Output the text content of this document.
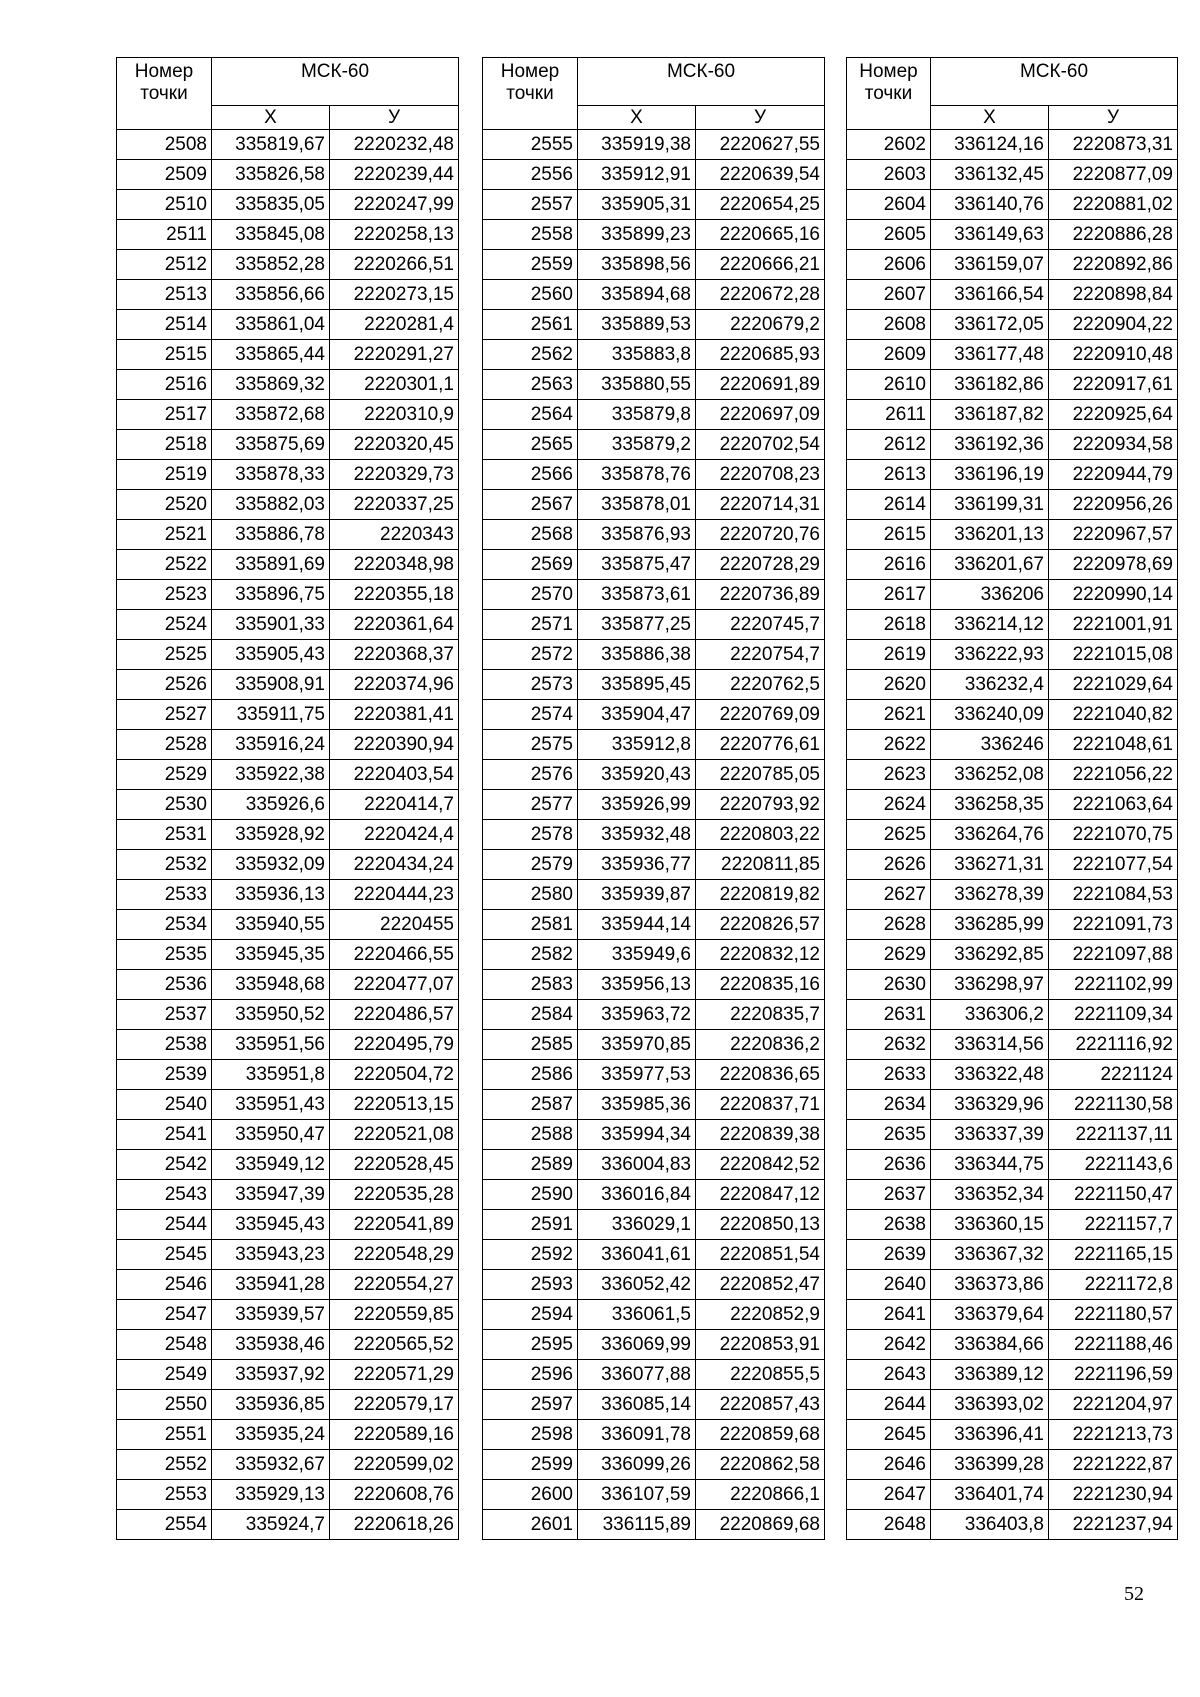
Номер точки	МСК-60	
	Х	У
2508	335819,67	2220232,48
2509	335826,58	2220239,44
2510	335835,05	2220247,99
2511	335845,08	2220258,13
2512	335852,28	2220266,51
2513	335856,66	2220273,15
2514	335861,04	2220281,4
2515	335865,44	2220291,27
2516	335869,32	2220301,1
2517	335872,68	2220310,9
2518	335875,69	2220320,45
2519	335878,33	2220329,73
2520	335882,03	2220337,25
2521	335886,78	2220343
2522	335891,69	2220348,98
2523	335896,75	2220355,18
2524	335901,33	2220361,64
2525	335905,43	2220368,37
2526	335908,91	2220374,96
2527	335911,75	2220381,41
2528	335916,24	2220390,94
2529	335922,38	2220403,54
2530	335926,6	2220414,7
2531	335928,92	2220424,4
2532	335932,09	2220434,24
2533	335936,13	2220444,23
2534	335940,55	2220455
2535	335945,35	2220466,55
2536	335948,68	2220477,07
2537	335950,52	2220486,57
2538	335951,56	2220495,79
2539	335951,8	2220504,72
2540	335951,43	2220513,15
2541	335950,47	2220521,08
2542	335949,12	2220528,45
2543	335947,39	2220535,28
2544	335945,43	2220541,89
2545	335943,23	2220548,29
2546	335941,28	2220554,27
2547	335939,57	2220559,85
2548	335938,46	2220565,52
2549	335937,92	2220571,29
2550	335936,85	2220579,17
2551	335935,24	2220589,16
2552	335932,67	2220599,02
2553	335929,13	2220608,76
2554	335924,7	2220618,26
Номер точки	МСК-60	
	Х	У
2555	335919,38	2220627,55
2556	335912,91	2220639,54
2557	335905,31	2220654,25
2558	335899,23	2220665,16
2559	335898,56	2220666,21
2560	335894,68	2220672,28
2561	335889,53	2220679,2
2562	335883,8	2220685,93
2563	335880,55	2220691,89
2564	335879,8	2220697,09
2565	335879,2	2220702,54
2566	335878,76	2220708,23
2567	335878,01	2220714,31
2568	335876,93	2220720,76
2569	335875,47	2220728,29
2570	335873,61	2220736,89
2571	335877,25	2220745,7
2572	335886,38	2220754,7
2573	335895,45	2220762,5
2574	335904,47	2220769,09
2575	335912,8	2220776,61
2576	335920,43	2220785,05
2577	335926,99	2220793,92
2578	335932,48	2220803,22
2579	335936,77	2220811,85
2580	335939,87	2220819,82
2581	335944,14	2220826,57
2582	335949,6	2220832,12
2583	335956,13	2220835,16
2584	335963,72	2220835,7
2585	335970,85	2220836,2
2586	335977,53	2220836,65
2587	335985,36	2220837,71
2588	335994,34	2220839,38
2589	336004,83	2220842,52
2590	336016,84	2220847,12
2591	336029,1	2220850,13
2592	336041,61	2220851,54
2593	336052,42	2220852,47
2594	336061,5	2220852,9
2595	336069,99	2220853,91
2596	336077,88	2220855,5
2597	336085,14	2220857,43
2598	336091,78	2220859,68
2599	336099,26	2220862,58
2600	336107,59	2220866,1
2601	336115,89	2220869,68
Номер точки	МСК-60	
	Х	У
2602	336124,16	2220873,31
2603	336132,45	2220877,09
2604	336140,76	2220881,02
2605	336149,63	2220886,28
2606	336159,07	2220892,86
2607	336166,54	2220898,84
2608	336172,05	2220904,22
2609	336177,48	2220910,48
2610	336182,86	2220917,61
2611	336187,82	2220925,64
2612	336192,36	2220934,58
2613	336196,19	2220944,79
2614	336199,31	2220956,26
2615	336201,13	2220967,57
2616	336201,67	2220978,69
2617	336206	2220990,14
2618	336214,12	2221001,91
2619	336222,93	2221015,08
2620	336232,4	2221029,64
2621	336240,09	2221040,82
2622	336246	2221048,61
2623	336252,08	2221056,22
2624	336258,35	2221063,64
2625	336264,76	2221070,75
2626	336271,31	2221077,54
2627	336278,39	2221084,53
2628	336285,99	2221091,73
2629	336292,85	2221097,88
2630	336298,97	2221102,99
2631	336306,2	2221109,34
2632	336314,56	2221116,92
2633	336322,48	2221124
2634	336329,96	2221130,58
2635	336337,39	2221137,11
2636	336344,75	2221143,6
2637	336352,34	2221150,47
2638	336360,15	2221157,7
2639	336367,32	2221165,15
2640	336373,86	2221172,8
2641	336379,64	2221180,57
2642	336384,66	2221188,46
2643	336389,12	2221196,59
2644	336393,02	2221204,97
2645	336396,41	2221213,73
2646	336399,28	2221222,87
2647	336401,74	2221230,94
2648	336403,8	2221237,94
52
